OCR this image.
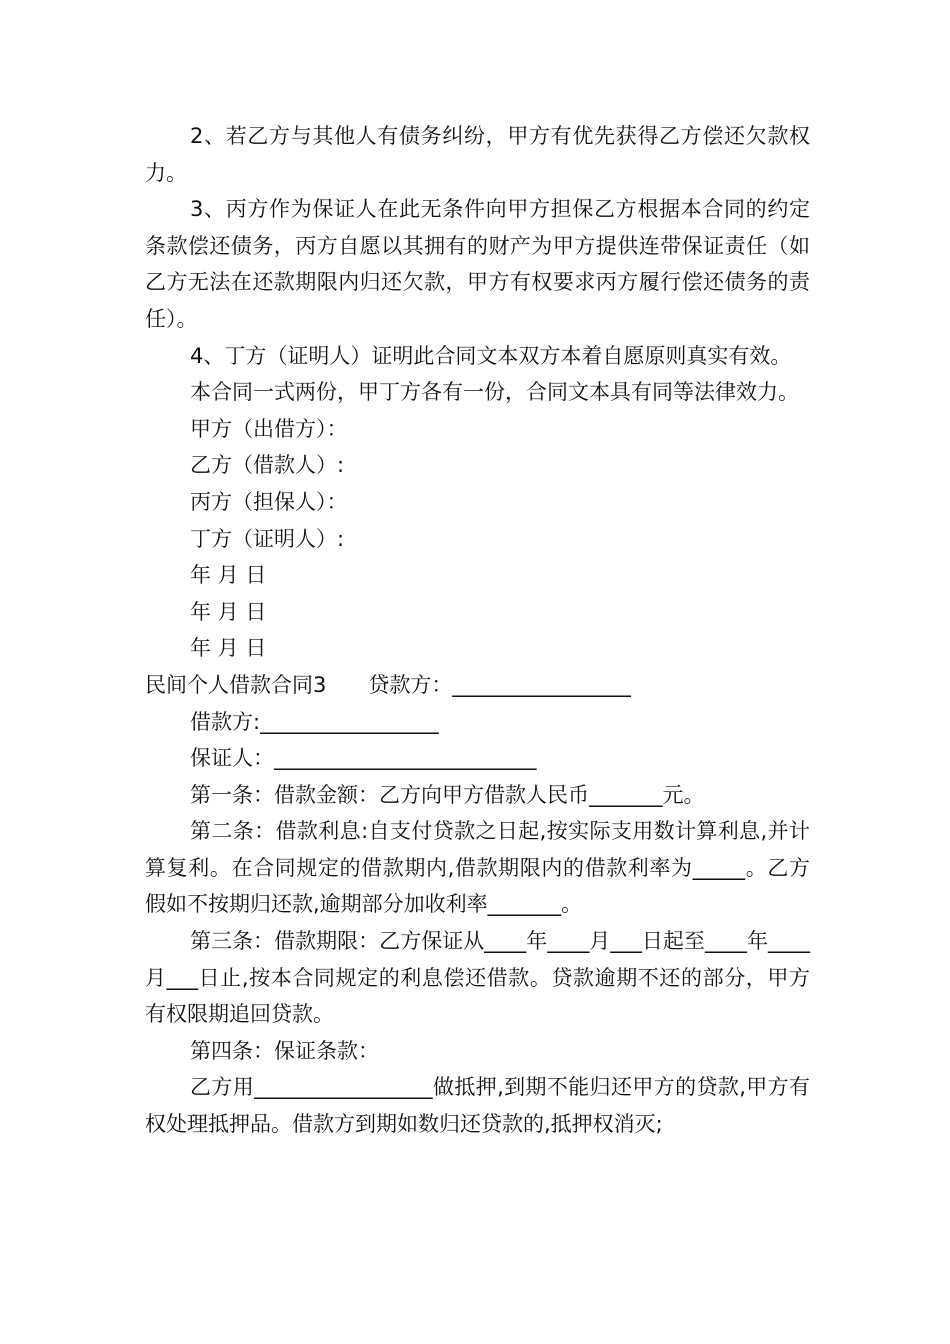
2、若乙方与其他人有债务纠纷，甲方有优先获得乙方偿还欠款权力。

3、丙方作为保证人在此无条件向甲方担保乙方根据本合同的约定条款偿还债务，丙方自愿以其拥有的财产为甲方提供连带保证责任（如乙方无法在还款期限内归还欠款，甲方有权要求丙方履行偿还债务的责任）。

4、丁方（证明人）证明此合同文本双方本着自愿原则真实有效。

本合同一式两份，甲丁方各有一份，合同文本具有同等法律效力。

甲方（出借方）：

乙方（借款人）:

丙方（担保人）：

丁方（证明人）:

年 月 日

年 月 日

年 月 日

民间个人借款合同3　　贷款方：_________________

借款方:_________________

保证人：_________________________

第一条：借款金额：乙方向甲方借款人民币_______元。

第二条：借款利息:自支付贷款之日起,按实际支用数计算利息,并计算复利。在合同规定的借款期内,借款期限内的借款利率为_____。乙方假如不按期归还款,逾期部分加收利率_______。

第三条：借款期限：乙方保证从____年____月___日起至____年____月___日止,按本合同规定的利息偿还借款。贷款逾期不还的部分，甲方有权限期追回贷款。

第四条：保证条款：

乙方用_________________做抵押,到期不能归还甲方的贷款,甲方有权处理抵押品。借款方到期如数归还贷款的,抵押权消灭;
